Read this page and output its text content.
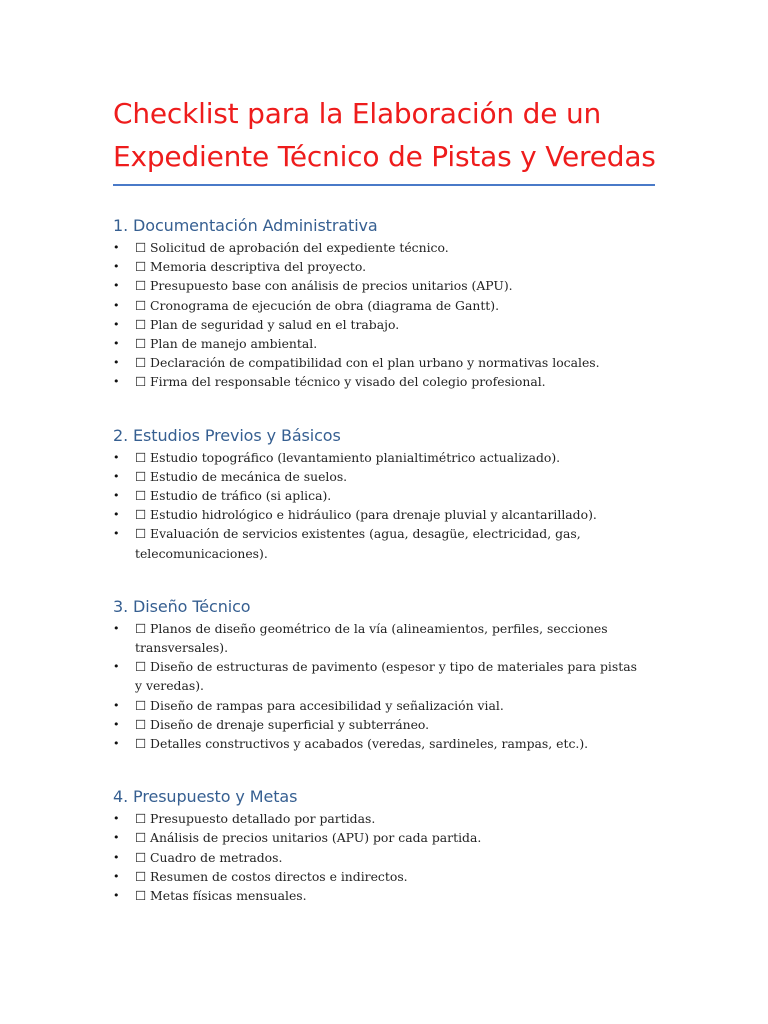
Checklist para la Elaboración de un Expediente Técnico de Pistas y Veredas
1. Documentación Administrativa
• ☐ Solicitud de aprobación del expediente técnico.
• ☐ Memoria descriptiva del proyecto.
• ☐ Presupuesto base con análisis de precios unitarios (APU).
• ☐ Cronograma de ejecución de obra (diagrama de Gantt).
• ☐ Plan de seguridad y salud en el trabajo.
• ☐ Plan de manejo ambiental.
• ☐ Declaración de compatibilidad con el plan urbano y normativas locales.
• ☐ Firma del responsable técnico y visado del colegio profesional.
2. Estudios Previos y Básicos
• ☐ Estudio topográfico (levantamiento planialtimétrico actualizado).
• ☐ Estudio de mecánica de suelos.
• ☐ Estudio de tráfico (si aplica).
• ☐ Estudio hidrológico e hidráulico (para drenaje pluvial y alcantarillado).
• ☐ Evaluación de servicios existentes (agua, desagüe, electricidad, gas, telecomunicaciones).
3. Diseño Técnico
• ☐ Planos de diseño geométrico de la vía (alineamientos, perfiles, secciones transversales).
• ☐ Diseño de estructuras de pavimento (espesor y tipo de materiales para pistas y veredas).
• ☐ Diseño de rampas para accesibilidad y señalización vial.
• ☐ Diseño de drenaje superficial y subterráneo.
• ☐ Detalles constructivos y acabados (veredas, sardineles, rampas, etc.).
4. Presupuesto y Metas
• ☐ Presupuesto detallado por partidas.
• ☐ Análisis de precios unitarios (APU) por cada partida.
• ☐ Cuadro de metrados.
• ☐ Resumen de costos directos e indirectos.
• ☐ Metas físicas mensuales.
